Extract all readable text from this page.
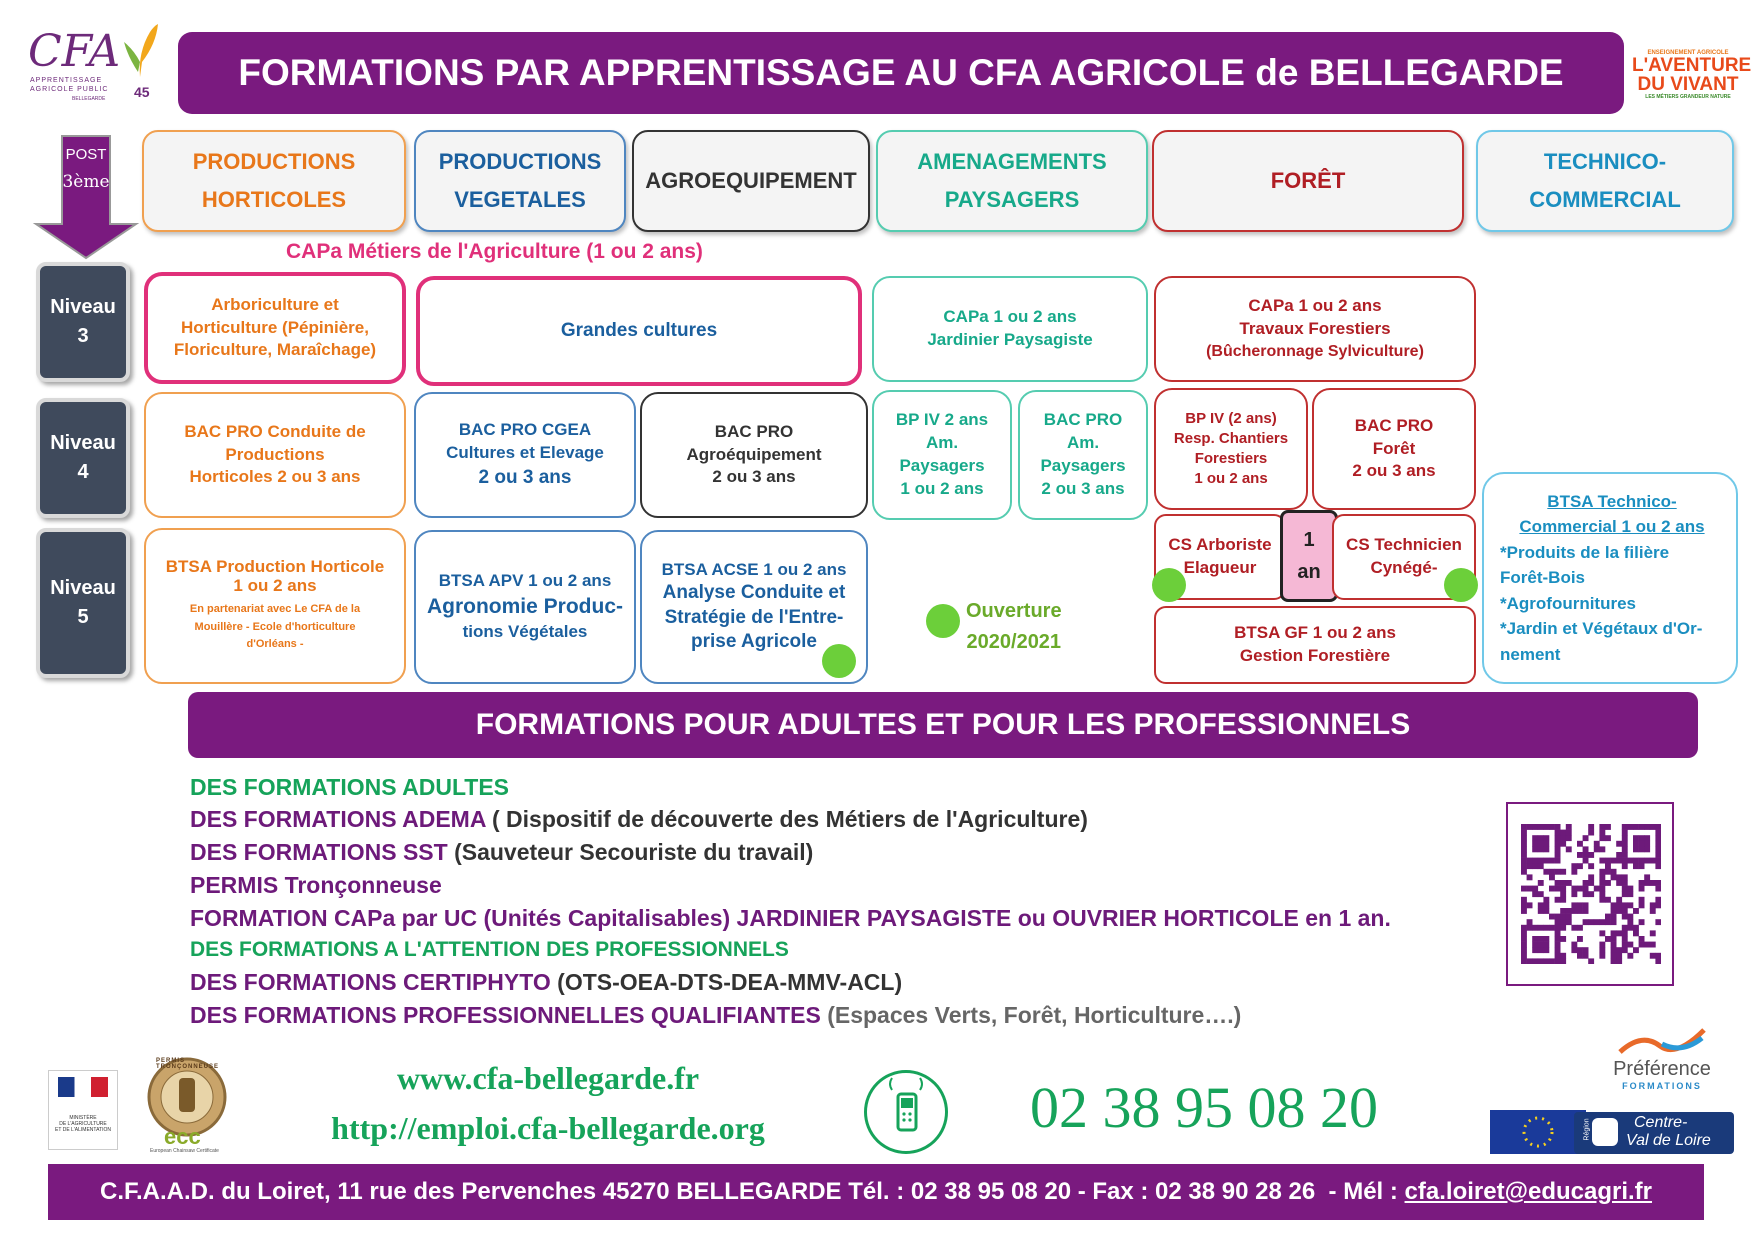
CFA
APPRENTISSAGE
AGRICOLE PUBLIC
BELLEGARDE 45 FORMATIONS PAR APPRENTISSAGE AU CFA AGRICOLE de BELLEGARDE	ENSEIGNEMENT AGRICOLE
L'AVENTURE
DU VIVANT
LES MÉTIERS GRANDEUR NATURE
POST
3ème
PRODUCTIONS
HORTICOLES
PRODUCTIONS
VEGETALES
AGROEQUIPEMENT
AMENAGEMENTS
PAYSAGERS
FORÊT
TECHNICO-
COMMERCIAL
CAPa Métiers de l'Agriculture (1 ou 2 ans)
Niveau
3
Niveau
4
Niveau
5
Arboriculture et
Horticulture (Pépinière,
Floriculture, Maraîchage)
Grandes cultures
CAPa 1 ou 2 ans
Jardinier Paysagiste
CAPa 1 ou 2 ans
Travaux Forestiers
(Bûcheronnage Sylviculture)
BAC PRO Conduite de
Productions
Horticoles 2 ou 3 ans
BAC PRO CGEA
Cultures et Elevage
2 ou 3 ans
BAC PRO
Agroéquipement
2 ou 3 ans
BP IV 2 ans
Am.
Paysagers
1 ou 2 ans
BAC PRO
Am.
Paysagers
2 ou 3 ans
BP IV (2 ans)
Resp. Chantiers
Forestiers
1 ou 2 ans
BAC PRO
Forêt
2 ou 3 ans
BTSA Production Horticole
1 ou 2 ans
En partenariat avec Le CFA de la
Mouillère - Ecole d'horticulture
d'Orléans -
BTSA APV 1 ou 2 ans
Agronomie Produc-
tions Végétales
BTSA ACSE 1 ou 2 ans
Analyse Conduite et
Stratégie de l'Entre-
prise Agricole
Ouverture
2020/2021
CS Arboriste
Elagueur
1
an
CS Technicien
Cynégé-
BTSA GF 1 ou 2 ans
Gestion Forestière
BTSA Technico-
Commercial 1 ou 2 ans
*Produits de la filière
Forêt-Bois
*Agrofournitures
*Jardin et Végétaux d'Or-
nement
FORMATIONS POUR ADULTES ET POUR LES PROFESSIONNELS
DES FORMATIONS ADULTES
DES FORMATIONS ADEMA ( Dispositif de découverte des Métiers de l'Agriculture)
DES FORMATIONS SST (Sauveteur Secouriste du travail)
PERMIS Tronçonneuse
FORMATION CAPa par UC (Unités Capitalisables) JARDINIER PAYSAGISTE ou OUVRIER HORTICOLE en 1 an.
DES FORMATIONS A L'ATTENTION DES PROFESSIONNELS
DES FORMATIONS CERTIPHYTO (OTS-OEA-DTS-DEA-MMV-ACL)
DES FORMATIONS PROFESSIONNELLES QUALIFIANTES (Espaces Verts, Forêt, Horticulture….)
MINISTÈRE
DE L'AGRICULTURE
ET DE L'ALIMENTATION
PERMIS TRONÇONNEUSE
ecc
European Chainsaw Certificate
www.cfa-bellegarde.fr
http://emploi.cfa-bellegarde.org	02 38 95 08 20
Préférence
FORMATIONS
Région	Centre-
Val de Loire
C.F.A.A.D. du Loiret, 11 rue des Pervenches 45270 BELLEGARDE Tél. : 02 38 95 08 20 - Fax : 02 38 90 28 26  - Mél : cfa.loiret@educagri.fr
